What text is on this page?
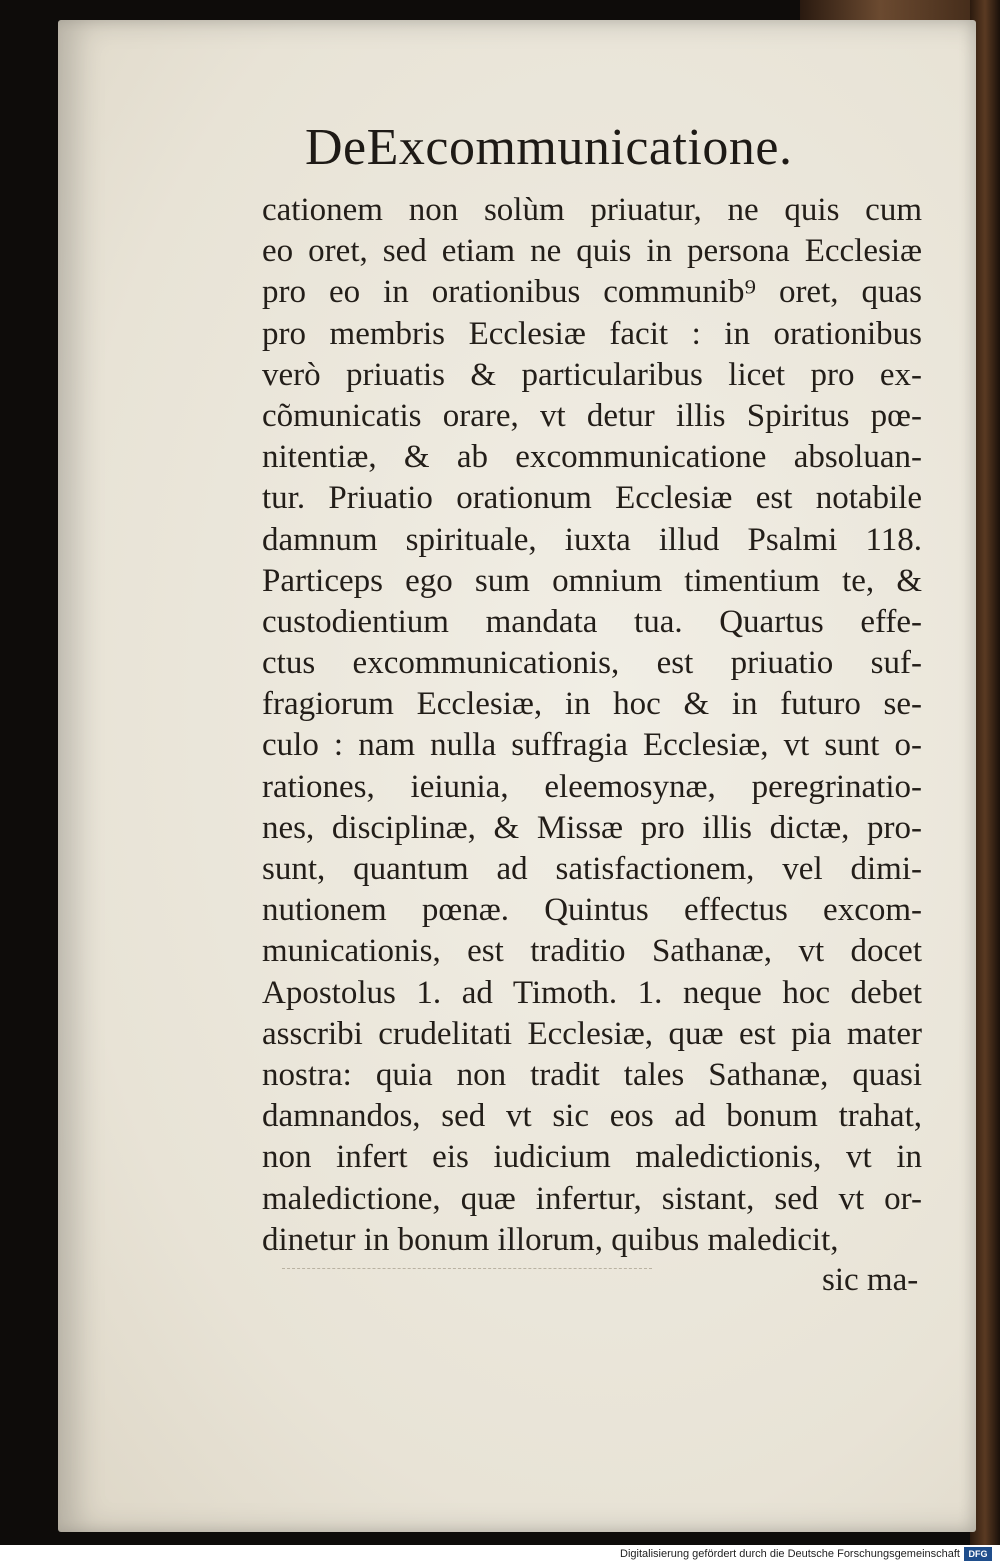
DeExcommunicatione.
cationem non solùm priuatur, ne quis cum
eo oret, sed etiam ne quis in persona Ecclesiæ
pro eo in orationibus communib⁹ oret, quas
pro membris Ecclesiæ facit : in orationibus
verò priuatis & particularibus licet pro ex-
cõmunicatis orare, vt detur illis Spiritus pœ-
nitentiæ, & ab excommunicatione absoluan-
tur. Priuatio orationum Ecclesiæ est notabile
damnum spirituale, iuxta illud Psalmi 118.
Particeps ego sum omnium timentium te, &
custodientium mandata tua. Quartus effe-
ctus excommunicationis, est priuatio suf-
fragiorum Ecclesiæ, in hoc & in futuro se-
culo : nam nulla suffragia Ecclesiæ, vt sunt o-
rationes, ieiunia, eleemosynæ, peregrinatio-
nes, disciplinæ, & Missæ pro illis dictæ, pro-
sunt, quantum ad satisfactionem, vel dimi-
nutionem pœnæ. Quintus effectus excom-
municationis, est traditio Sathanæ, vt docet
Apostolus 1. ad Timoth. 1. neque hoc debet
asscribi crudelitati Ecclesiæ, quæ est pia mater
nostra: quia non tradit tales Sathanæ, quasi
damnandos, sed vt sic eos ad bonum trahat,
non infert eis iudicium maledictionis, vt in
maledictione, quæ infertur, sistant, sed vt or-
dinetur in bonum illorum, quibus maledicit,
sic ma-
Digitalisierung gefördert durch die Deutsche Forschungsgemeinschaft DFG
